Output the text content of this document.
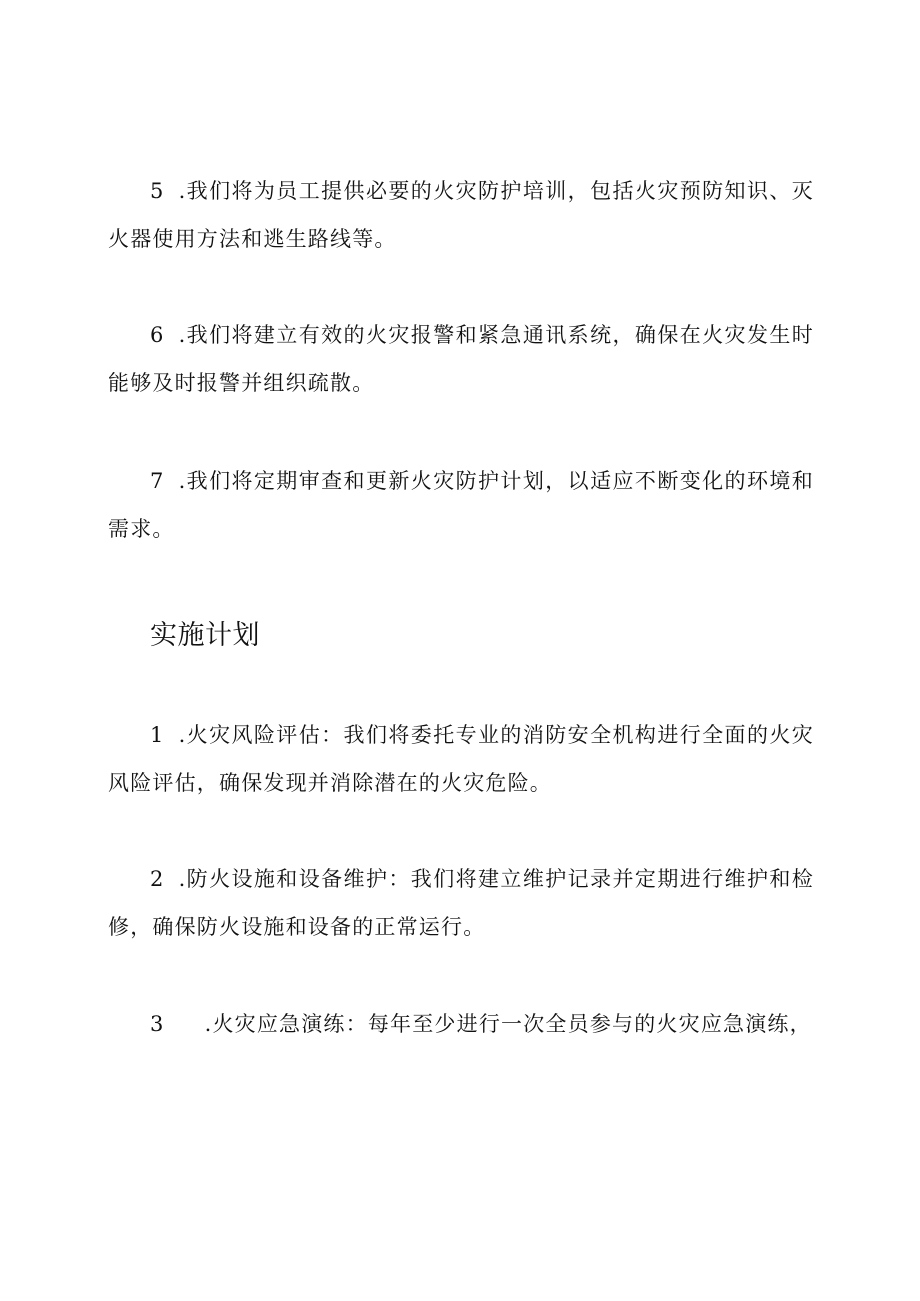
5 .我们将为员工提供必要的火灾防护培训，包括火灾预防知识、灭火器使用方法和逃生路线等。

6 .我们将建立有效的火灾报警和紧急通讯系统，确保在火灾发生时能够及时报警并组织疏散。

7 .我们将定期审查和更新火灾防护计划，以适应不断变化的环境和需求。

实施计划

1 .火灾风险评估：我们将委托专业的消防安全机构进行全面的火灾风险评估，确保发现并消除潜在的火灾危险。

2 .防火设施和设备维护：我们将建立维护记录并定期进行维护和检修，确保防火设施和设备的正常运行。

3 .火灾应急演练：每年至少进行一次全员参与的火灾应急演练，
